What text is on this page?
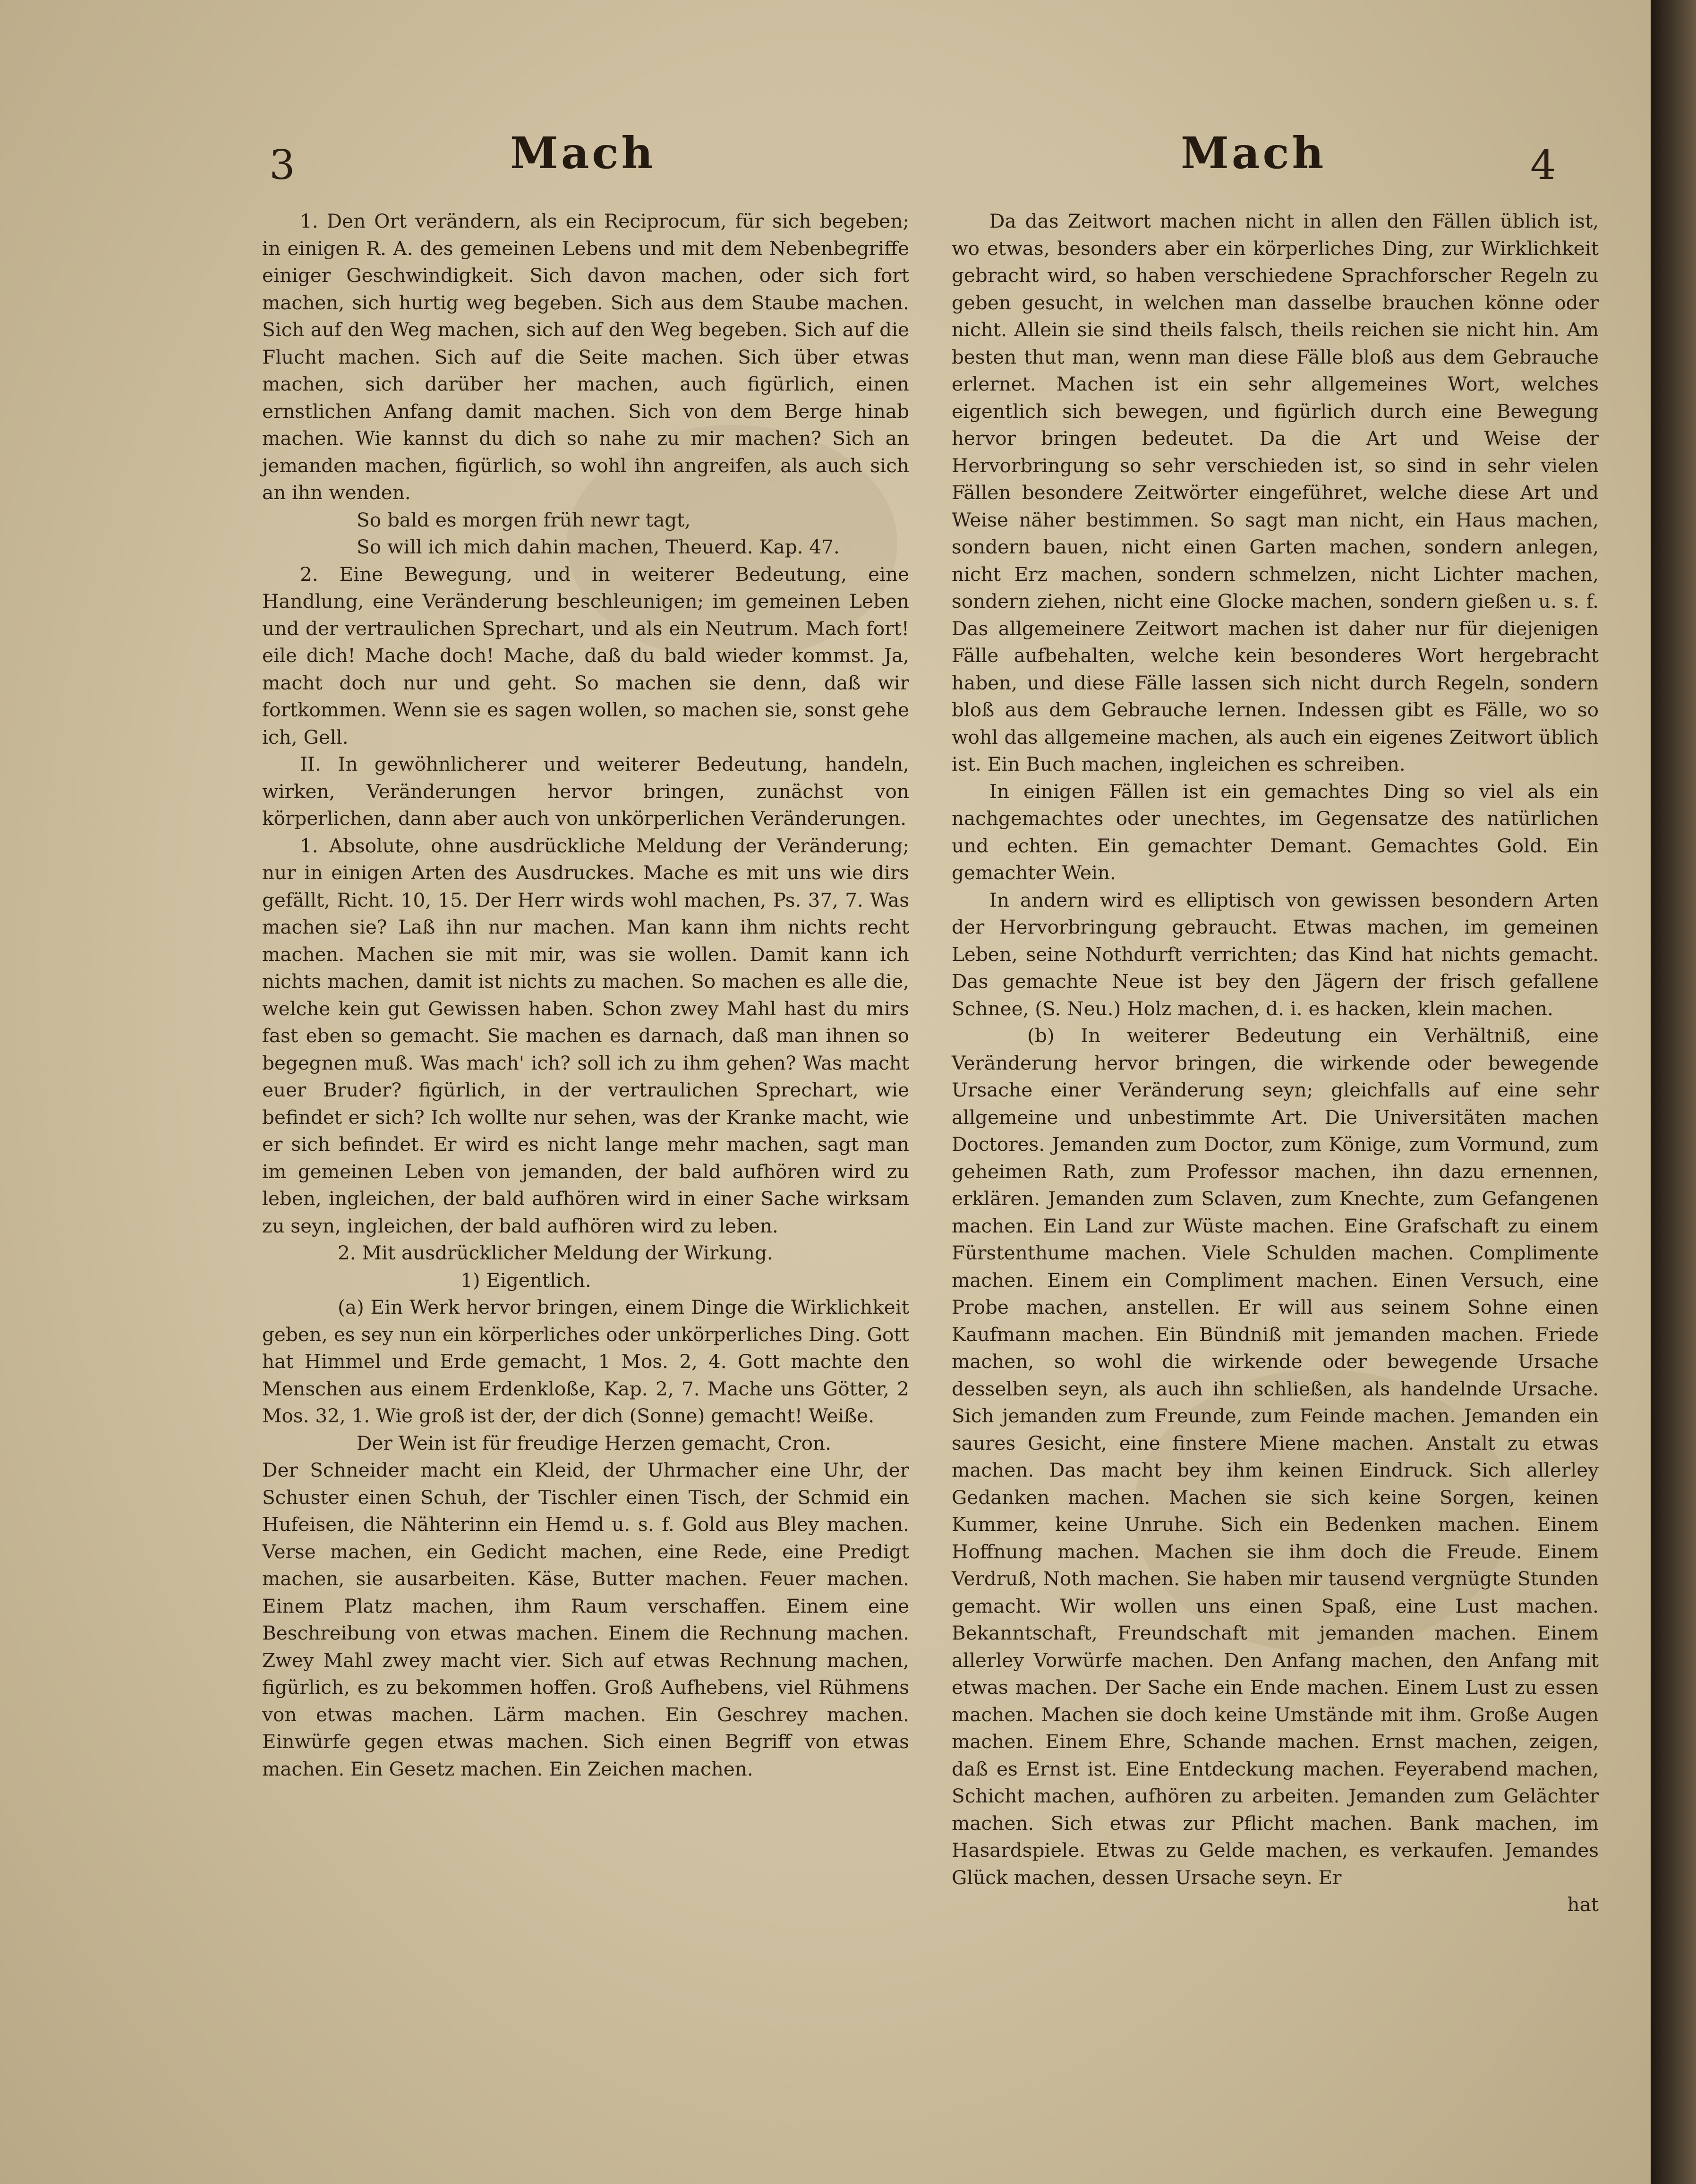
3	Mach	Mach	4

1. Den Ort verändern, als ein Reciprocum, für sich begeben; in einigen R. A. des gemeinen Lebens und mit dem Nebenbegriffe einiger Geschwindigkeit. Sich davon machen, oder sich fort machen, sich hurtig weg begeben. Sich aus dem Staube machen. Sich auf den Weg machen, sich auf den Weg begeben. Sich auf die Flucht machen. Sich auf die Seite machen. Sich über etwas machen, sich darüber her machen, auch figürlich, einen ernstlichen Anfang damit machen. Sich von dem Berge hinab machen. Wie kannst du dich so nahe zu mir machen? Sich an jemanden machen, figürlich, so wohl ihn angreifen, als auch sich an ihn wenden.

So bald es morgen früh newr tagt,

So will ich mich dahin machen, Theuerd. Kap. 47.

2. Eine Bewegung, und in weiterer Bedeutung, eine Handlung, eine Veränderung beschleunigen; im gemeinen Leben und der vertraulichen Sprechart, und als ein Neutrum. Mach fort! eile dich! Mache doch! Mache, daß du bald wieder kommst. Ja, macht doch nur und geht. So machen sie denn, daß wir fortkommen. Wenn sie es sagen wollen, so machen sie, sonst gehe ich, Gell.

II. In gewöhnlicherer und weiterer Bedeutung, handeln, wirken, Veränderungen hervor bringen, zunächst von körperlichen, dann aber auch von unkörperlichen Veränderungen.

1. Absolute, ohne ausdrückliche Meldung der Veränderung; nur in einigen Arten des Ausdruckes. Mache es mit uns wie dirs gefällt, Richt. 10, 15. Der Herr wirds wohl machen, Ps. 37, 7. Was machen sie? Laß ihn nur machen. Man kann ihm nichts recht machen. Machen sie mit mir, was sie wollen. Damit kann ich nichts machen, damit ist nichts zu machen. So machen es alle die, welche kein gut Gewissen haben. Schon zwey Mahl hast du mirs fast eben so gemacht. Sie machen es darnach, daß man ihnen so begegnen muß. Was mach' ich? soll ich zu ihm gehen? Was macht euer Bruder? figürlich, in der vertraulichen Sprechart, wie befindet er sich? Ich wollte nur sehen, was der Kranke macht, wie er sich befindet. Er wird es nicht lange mehr machen, sagt man im gemeinen Leben von jemanden, der bald aufhören wird zu leben, ingleichen, der bald aufhören wird in einer Sache wirksam zu seyn, ingleichen, der bald aufhören wird zu leben.

2. Mit ausdrücklicher Meldung der Wirkung.

1) Eigentlich.

(a) Ein Werk hervor bringen, einem Dinge die Wirklichkeit geben, es sey nun ein körperliches oder unkörperliches Ding. Gott hat Himmel und Erde gemacht, 1 Mos. 2, 4. Gott machte den Menschen aus einem Erdenkloße, Kap. 2, 7. Mache uns Götter, 2 Mos. 32, 1. Wie groß ist der, der dich (Sonne) gemacht! Weiße.

Der Wein ist für freudige Herzen gemacht, Cron.

Der Schneider macht ein Kleid, der Uhrmacher eine Uhr, der Schuster einen Schuh, der Tischler einen Tisch, der Schmid ein Hufeisen, die Nähterinn ein Hemd u. s. f. Gold aus Bley machen. Verse machen, ein Gedicht machen, eine Rede, eine Predigt machen, sie ausarbeiten. Käse, Butter machen. Feuer machen. Einem Platz machen, ihm Raum verschaffen. Einem eine Beschreibung von etwas machen. Einem die Rechnung machen. Zwey Mahl zwey macht vier. Sich auf etwas Rechnung machen, figürlich, es zu bekommen hoffen. Groß Aufhebens, viel Rühmens von etwas machen. Lärm machen. Ein Geschrey machen. Einwürfe gegen etwas machen. Sich einen Begriff von etwas machen. Ein Gesetz machen. Ein Zeichen machen.

Da das Zeitwort machen nicht in allen den Fällen üblich ist, wo etwas, besonders aber ein körperliches Ding, zur Wirklichkeit gebracht wird, so haben verschiedene Sprachforscher Regeln zu geben gesucht, in welchen man dasselbe brauchen könne oder nicht. Allein sie sind theils falsch, theils reichen sie nicht hin. Am besten thut man, wenn man diese Fälle bloß aus dem Gebrauche erlernet. Machen ist ein sehr allgemeines Wort, welches eigentlich sich bewegen, und figürlich durch eine Bewegung hervor bringen bedeutet. Da die Art und Weise der Hervorbringung so sehr verschieden ist, so sind in sehr vielen Fällen besondere Zeitwörter eingeführet, welche diese Art und Weise näher bestimmen. So sagt man nicht, ein Haus machen, sondern bauen, nicht einen Garten machen, sondern anlegen, nicht Erz machen, sondern schmelzen, nicht Lichter machen, sondern ziehen, nicht eine Glocke machen, sondern gießen u. s. f. Das allgemeinere Zeitwort machen ist daher nur für diejenigen Fälle aufbehalten, welche kein besonderes Wort hergebracht haben, und diese Fälle lassen sich nicht durch Regeln, sondern bloß aus dem Gebrauche lernen. Indessen gibt es Fälle, wo so wohl das allgemeine machen, als auch ein eigenes Zeitwort üblich ist. Ein Buch machen, ingleichen es schreiben.

In einigen Fällen ist ein gemachtes Ding so viel als ein nachgemachtes oder unechtes, im Gegensatze des natürlichen und echten. Ein gemachter Demant. Gemachtes Gold. Ein gemachter Wein.

In andern wird es elliptisch von gewissen besondern Arten der Hervorbringung gebraucht. Etwas machen, im gemeinen Leben, seine Nothdurft verrichten; das Kind hat nichts gemacht. Das gemachte Neue ist bey den Jägern der frisch gefallene Schnee, (S. Neu.) Holz machen, d. i. es hacken, klein machen.

(b) In weiterer Bedeutung ein Verhältniß, eine Veränderung hervor bringen, die wirkende oder bewegende Ursache einer Veränderung seyn; gleichfalls auf eine sehr allgemeine und unbestimmte Art. Die Universitäten machen Doctores. Jemanden zum Doctor, zum Könige, zum Vormund, zum geheimen Rath, zum Professor machen, ihn dazu ernennen, erklären. Jemanden zum Sclaven, zum Knechte, zum Gefangenen machen. Ein Land zur Wüste machen. Eine Grafschaft zu einem Fürstenthume machen. Viele Schulden machen. Complimente machen. Einem ein Compliment machen. Einen Versuch, eine Probe machen, anstellen. Er will aus seinem Sohne einen Kaufmann machen. Ein Bündniß mit jemanden machen. Friede machen, so wohl die wirkende oder bewegende Ursache desselben seyn, als auch ihn schließen, als handelnde Ursache. Sich jemanden zum Freunde, zum Feinde machen. Jemanden ein saures Gesicht, eine finstere Miene machen. Anstalt zu etwas machen. Das macht bey ihm keinen Eindruck. Sich allerley Gedanken machen. Machen sie sich keine Sorgen, keinen Kummer, keine Unruhe. Sich ein Bedenken machen. Einem Hoffnung machen. Machen sie ihm doch die Freude. Einem Verdruß, Noth machen. Sie haben mir tausend vergnügte Stunden gemacht. Wir wollen uns einen Spaß, eine Lust machen. Bekanntschaft, Freundschaft mit jemanden machen. Einem allerley Vorwürfe machen. Den Anfang machen, den Anfang mit etwas machen. Der Sache ein Ende machen. Einem Lust zu essen machen. Machen sie doch keine Umstände mit ihm. Große Augen machen. Einem Ehre, Schande machen. Ernst machen, zeigen, daß es Ernst ist. Eine Entdeckung machen. Feyerabend machen, Schicht machen, aufhören zu arbeiten. Jemanden zum Gelächter machen. Sich etwas zur Pflicht machen. Bank machen, im Hasardspiele. Etwas zu Gelde machen, es verkaufen. Jemandes Glück machen, dessen Ursache seyn. Er

hat
